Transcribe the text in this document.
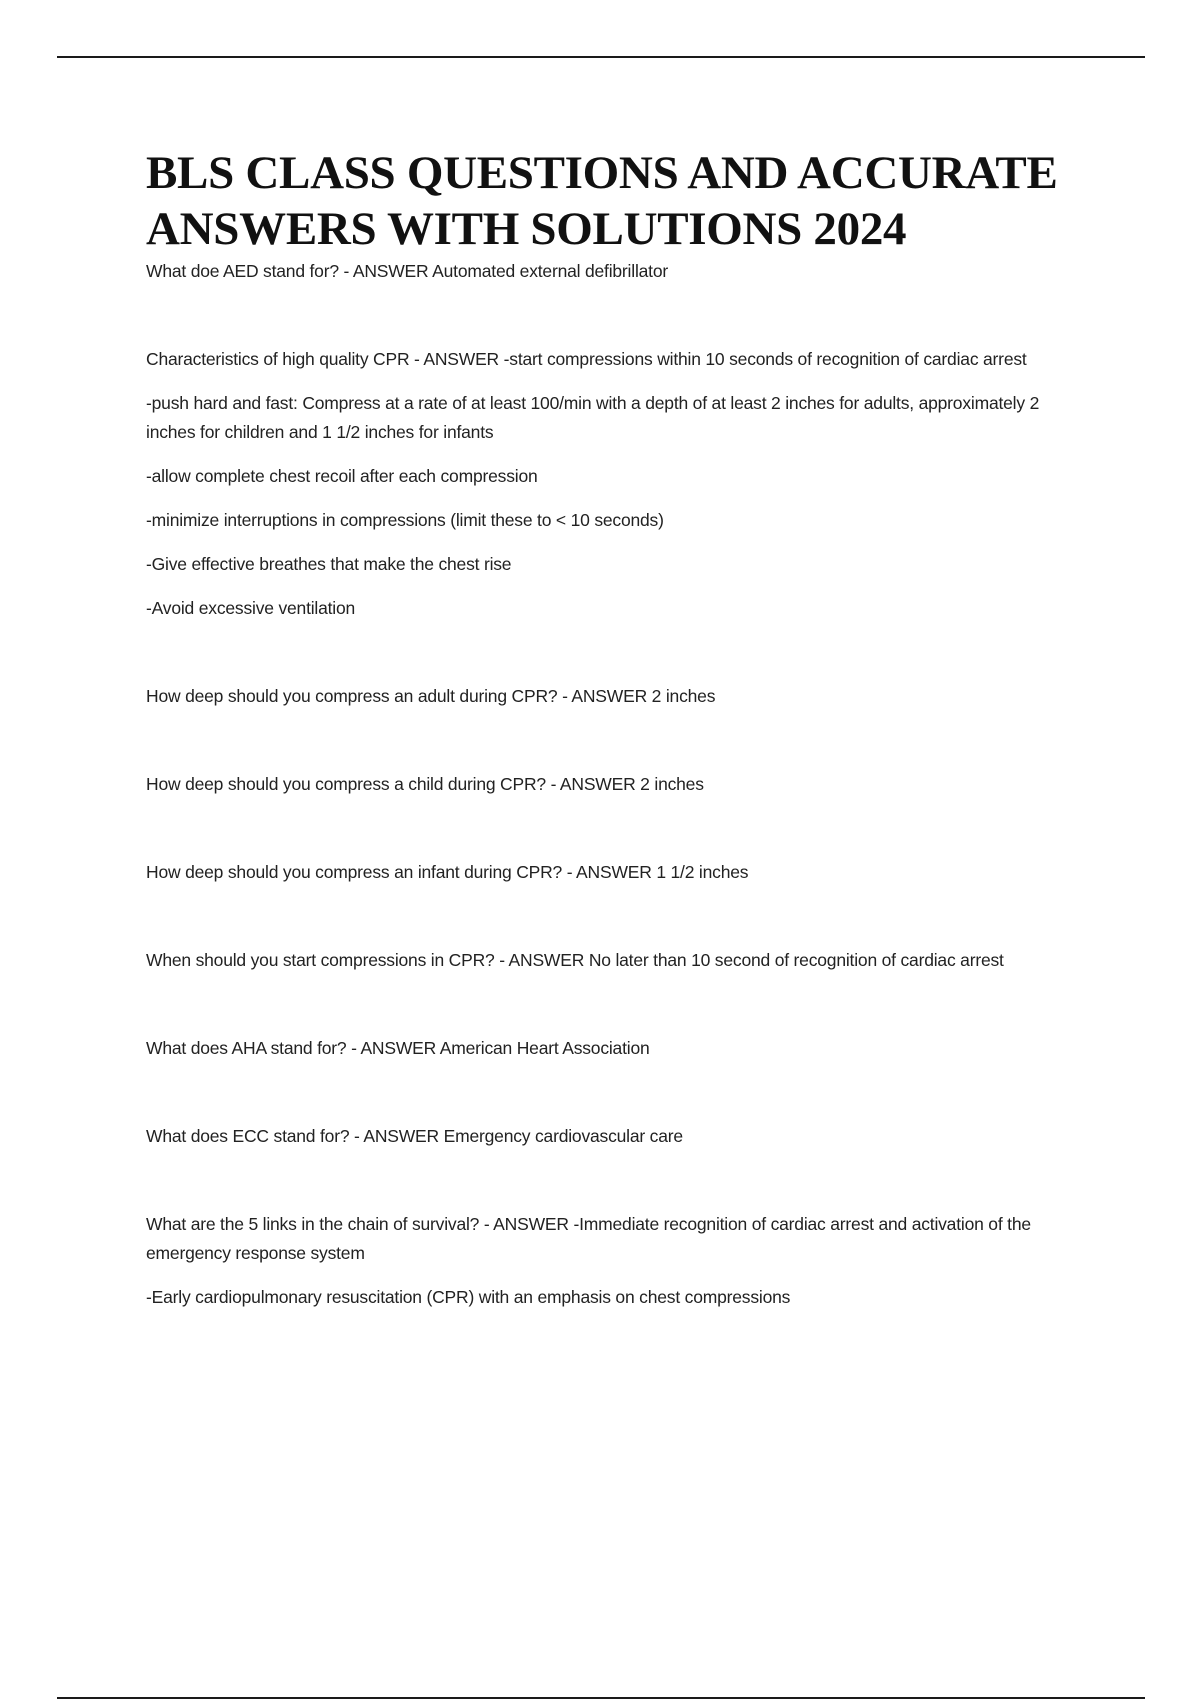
BLS CLASS QUESTIONS AND ACCURATE ANSWERS WITH SOLUTIONS 2024

What doe AED stand for? - ANSWER Automated external defibrillator

Characteristics of high quality CPR - ANSWER -start compressions within 10 seconds of recognition of cardiac arrest

-push hard and fast: Compress at a rate of at least 100/min with a depth of at least 2 inches for adults, approximately 2 inches for children and 1 1/2 inches for infants

-allow complete chest recoil after each compression

-minimize interruptions in compressions (limit these to < 10 seconds)

-Give effective breathes that make the chest rise

-Avoid excessive ventilation

How deep should you compress an adult during CPR? - ANSWER 2 inches

How deep should you compress a child during CPR? - ANSWER 2 inches

How deep should you compress an infant during CPR? - ANSWER 1 1/2 inches

When should you start compressions in CPR? - ANSWER No later than 10 second of recognition of cardiac arrest

What does AHA stand for? - ANSWER American Heart Association

What does ECC stand for? - ANSWER Emergency cardiovascular care

What are the 5 links in the chain of survival? - ANSWER -Immediate recognition of cardiac arrest and activation of the emergency response system

-Early cardiopulmonary resuscitation (CPR) with an emphasis on chest compressions
